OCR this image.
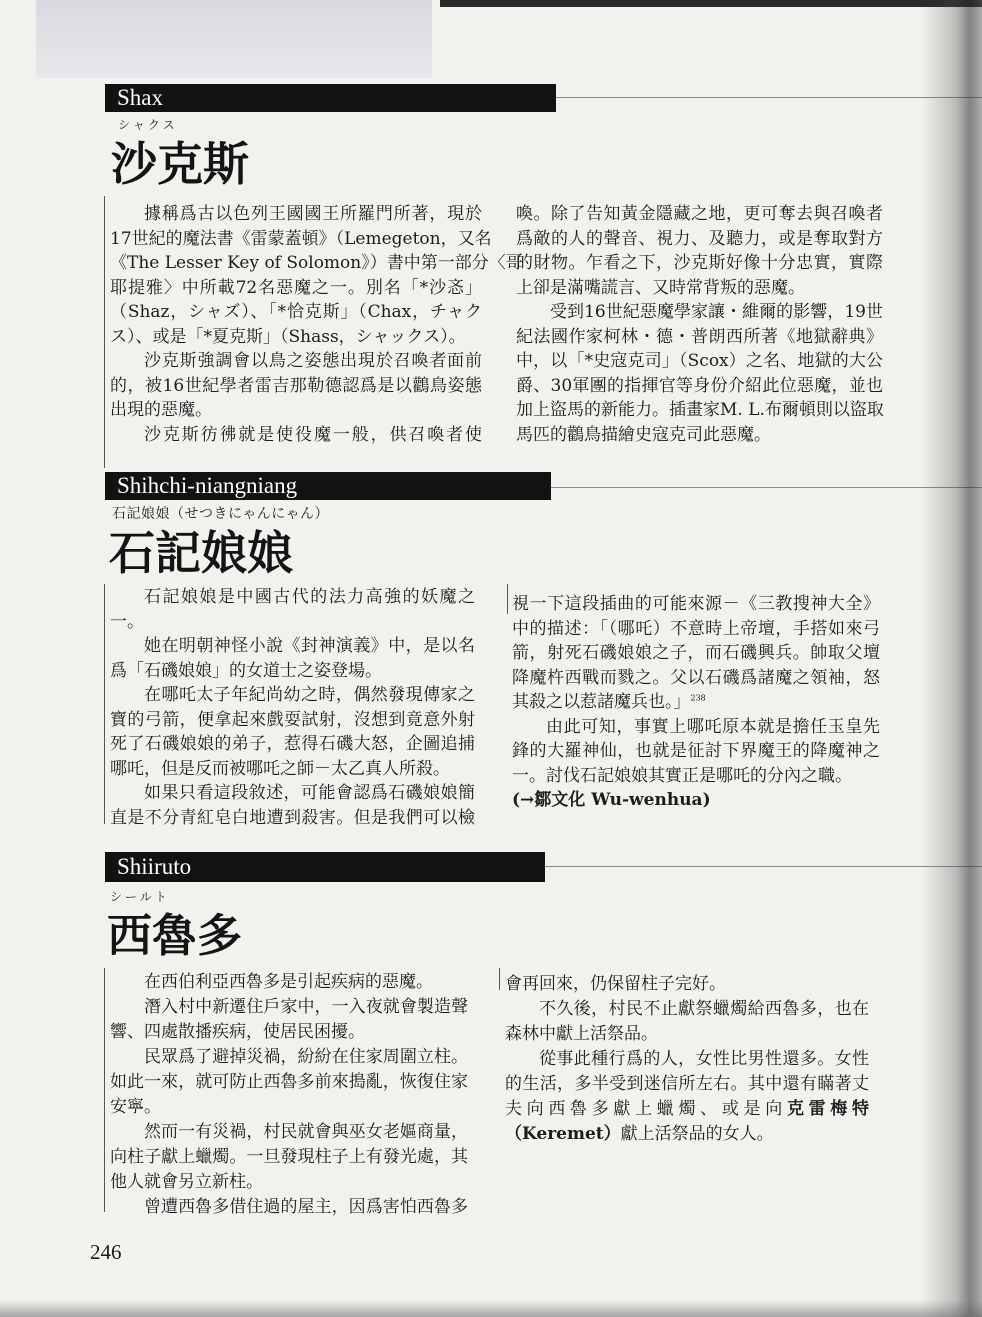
Shax
シャクス
沙克斯
據稱爲古以色列王國國王所羅門所著，現於
17世紀的魔法書《雷蒙蓋頓》（Lemegeton，又名
《The Lesser Key of Solomon》）書中第一部分〈哥
耶提雅〉中所載72名惡魔之一。別名「*沙忞」
（Shaz，シャズ）、「*恰克斯」（Chax，チャク
ス）、或是「*夏克斯」（Shass，シャックス）。
沙克斯強調會以鳥之姿態出現於召喚者面前
的，被16世紀學者雷吉那勒德認爲是以鸛鳥姿態
出現的惡魔。
沙克斯彷彿就是使役魔一般，供召喚者使
喚。除了告知黃金隱藏之地，更可奪去與召喚者
爲敵的人的聲音、視力、及聽力，或是奪取對方
的財物。乍看之下，沙克斯好像十分忠實，實際
上卻是滿嘴謊言、又時常背叛的惡魔。
受到16世紀惡魔學家讓・維爾的影響，19世
紀法國作家柯林・德・普朗西所著《地獄辭典》
中，以「*史寇克司」（Scox）之名、地獄的大公
爵、30軍團的指揮官等身份介紹此位惡魔，並也
加上盜馬的新能力。插畫家M. L.布爾頓則以盜取
馬匹的鸛鳥描繪史寇克司此惡魔。
Shihchi-niangniang
石記娘娘（せつきにゃんにゃん）
石記娘娘
石記娘娘是中國古代的法力高強的妖魔之
一。
她在明朝神怪小說《封神演義》中，是以名
爲「石磯娘娘」的女道士之姿登場。
在哪吒太子年紀尚幼之時，偶然發現傳家之
寶的弓箭，便拿起來戲耍試射，沒想到竟意外射
死了石磯娘娘的弟子，惹得石磯大怒，企圖追捕
哪吒，但是反而被哪吒之師－太乙真人所殺。
如果只看這段敘述，可能會認爲石磯娘娘簡
直是不分青紅皂白地遭到殺害。但是我們可以檢
視一下這段插曲的可能來源－《三教搜神大全》
中的描述：「（哪吒）不意時上帝壇，手搭如來弓
箭，射死石磯娘娘之子，而石磯興兵。帥取父壇
降魔杵西戰而戮之。父以石磯爲諸魔之領袖，怒
其殺之以惹諸魔兵也。」$^{238}$
由此可知，事實上哪吒原本就是擔任玉皇先
鋒的大羅神仙，也就是征討下界魔王的降魔神之
一。討伐石記娘娘其實正是哪吒的分內之職。
(→鄒文化 Wu-wenhua)
Shiiruto
シールト
西魯多
在西伯利亞西魯多是引起疾病的惡魔。
潛入村中新遷住戶家中，一入夜就會製造聲
響、四處散播疾病，使居民困擾。
民眾爲了避掉災禍，紛紛在住家周圍立柱。
如此一來，就可防止西魯多前來搗亂，恢復住家
安寧。
然而一有災禍，村民就會與巫女老嫗商量，
向柱子獻上蠟燭。一旦發現柱子上有發光處，其
他人就會另立新柱。
曾遭西魯多借住過的屋主，因爲害怕西魯多
會再回來，仍保留柱子完好。
不久後，村民不止獻祭蠟燭給西魯多，也在
森林中獻上活祭品。
從事此種行爲的人，女性比男性還多。女性
的生活，多半受到迷信所左右。其中還有瞞著丈
夫向西魯多獻上蠟燭、或是向克雷梅特
（Keremet）獻上活祭品的女人。
246
